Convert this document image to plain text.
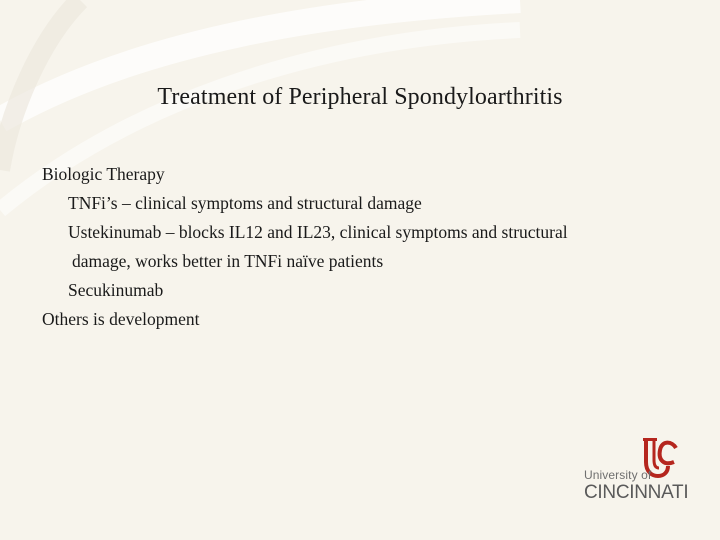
Treatment of Peripheral Spondyloarthritis
Biologic Therapy
TNFi’s – clinical symptoms and structural damage
Ustekinumab – blocks IL12 and IL23, clinical symptoms and structural
damage, works better in TNFi naïve patients
Secukinumab
Others is development
University of
CINCINNATI
